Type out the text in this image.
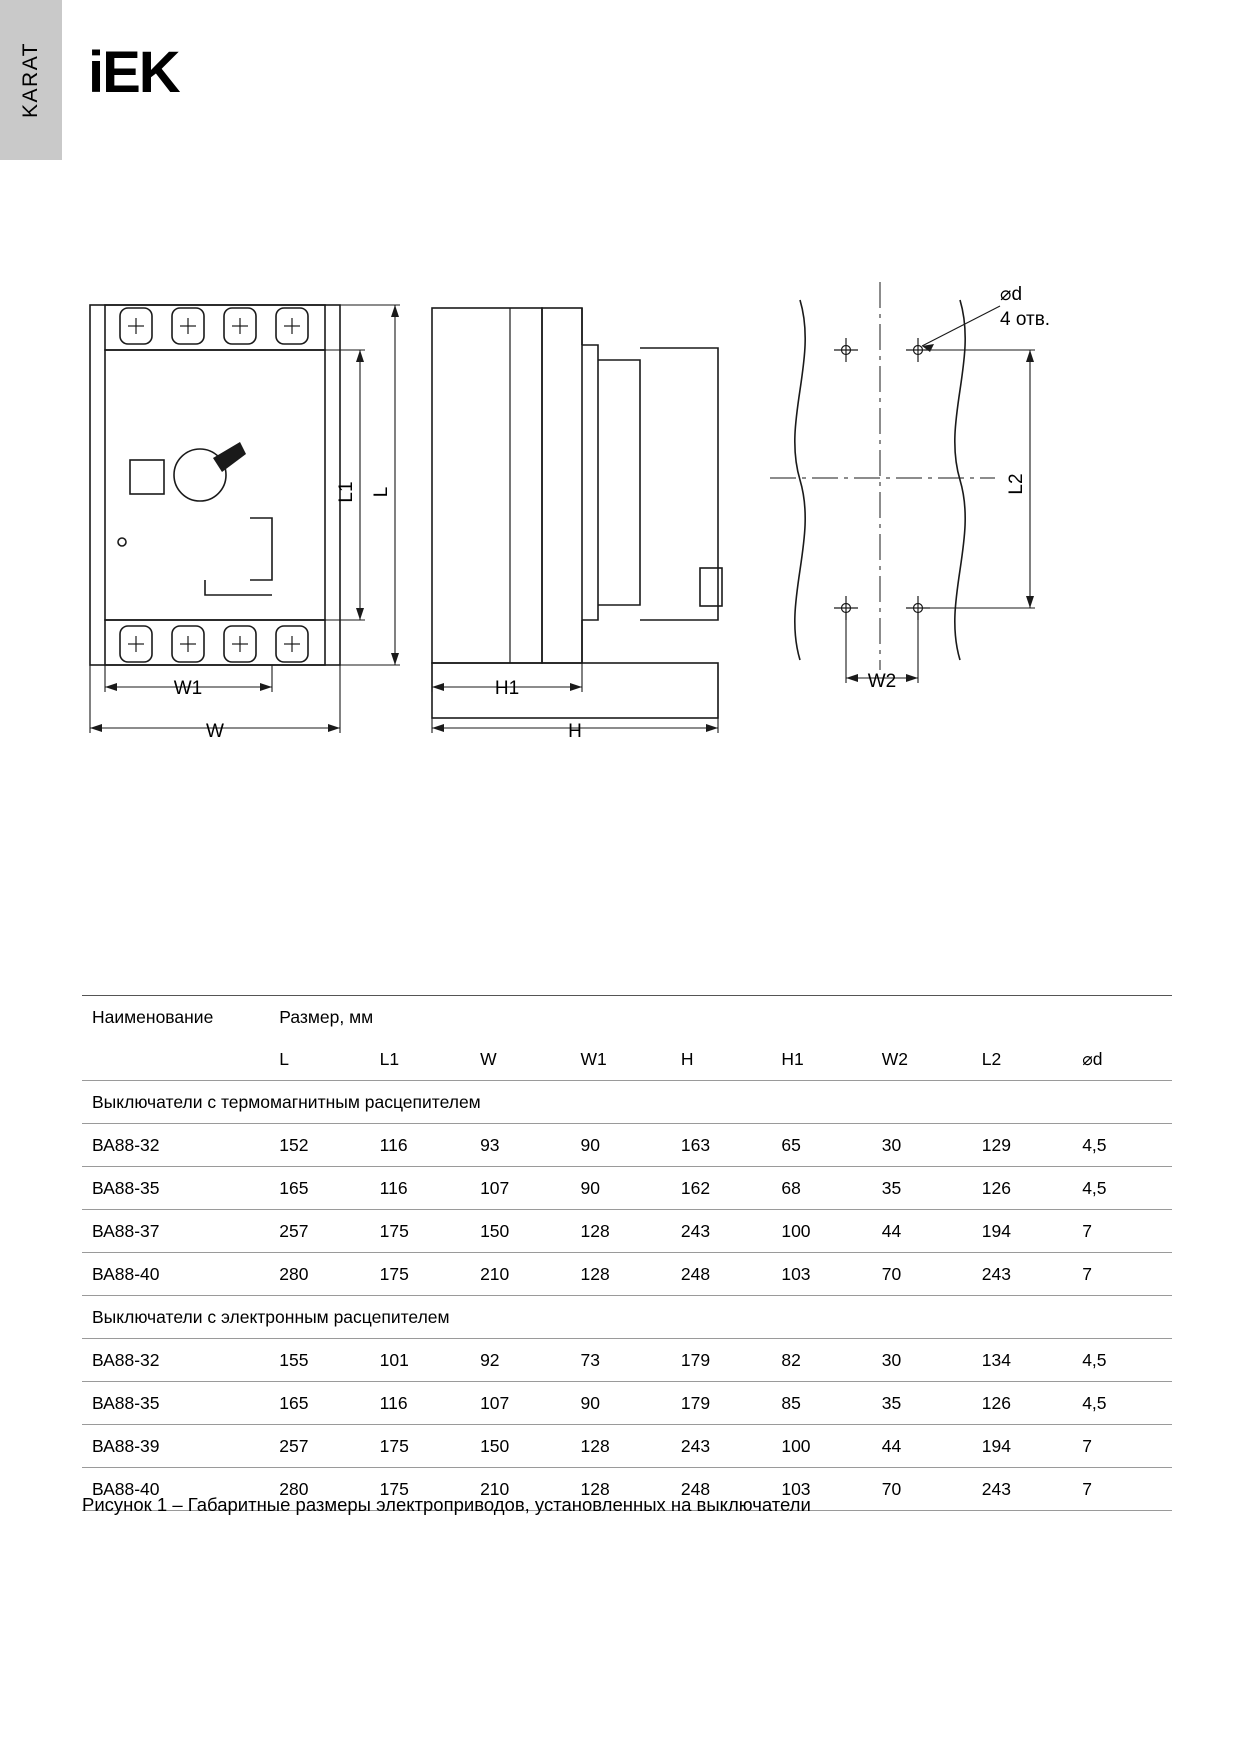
KARAT iEK
L1 L
W1
W
H1
H
L2
W2
⌀d
4 отв.
Наименование	Размер, мм								
	L	L1	W	W1	H	H1	W2	L2	⌀d
Выключатели с термомагнитным расцепителем									
ВА88-32	152	116	93	90	163	65	30	129	4,5
ВА88-35	165	116	107	90	162	68	35	126	4,5
ВА88-37	257	175	150	128	243	100	44	194	7
ВА88-40	280	175	210	128	248	103	70	243	7
Выключатели с электронным расцепителем									
ВА88-32	155	101	92	73	179	82	30	134	4,5
ВА88-35	165	116	107	90	179	85	35	126	4,5
ВА88-39	257	175	150	128	243	100	44	194	7
ВА88-40	280	175	210	128	248	103	70	243	7
Рисунок 1 – Габаритные размеры электроприводов, установленных на выключатели
